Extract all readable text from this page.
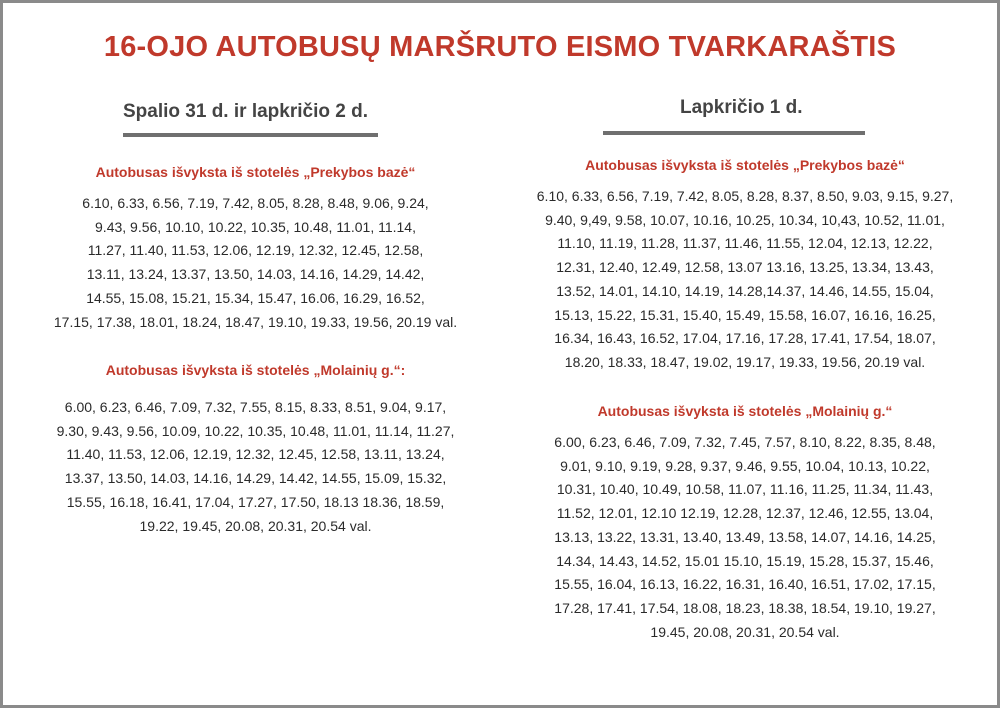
16-OJO AUTOBUSŲ MARŠRUTO EISMO TVARKARAŠTIS
Spalio 31 d. ir lapkričio 2 d.
Autobusas išvyksta iš stotelės „Prekybos bazė“
6.10, 6.33, 6.56, 7.19, 7.42, 8.05, 8.28, 8.48, 9.06, 9.24,
9.43, 9.56, 10.10, 10.22, 10.35, 10.48, 11.01, 11.14,
11.27, 11.40, 11.53, 12.06, 12.19, 12.32, 12.45, 12.58,
13.11, 13.24, 13.37, 13.50, 14.03, 14.16, 14.29, 14.42,
14.55, 15.08, 15.21, 15.34, 15.47, 16.06, 16.29, 16.52,
17.15, 17.38, 18.01, 18.24, 18.47, 19.10, 19.33, 19.56, 20.19 val.
Autobusas išvyksta iš stotelės „Molainių g.“:
6.00, 6.23, 6.46, 7.09, 7.32, 7.55, 8.15, 8.33, 8.51, 9.04, 9.17,
9.30, 9.43, 9.56, 10.09, 10.22, 10.35, 10.48, 11.01, 11.14, 11.27,
11.40, 11.53, 12.06, 12.19, 12.32, 12.45, 12.58, 13.11, 13.24,
13.37, 13.50, 14.03, 14.16, 14.29, 14.42, 14.55, 15.09, 15.32,
15.55, 16.18, 16.41, 17.04, 17.27, 17.50, 18.13 18.36, 18.59,
19.22, 19.45, 20.08, 20.31, 20.54 val.
Lapkričio 1 d.
Autobusas išvyksta iš stotelės „Prekybos bazė“
6.10, 6.33, 6.56, 7.19, 7.42, 8.05, 8.28, 8.37, 8.50, 9.03, 9.15, 9.27,
9.40, 9,49, 9.58, 10.07, 10.16, 10.25, 10.34, 10,43, 10.52, 11.01,
11.10, 11.19, 11.28, 11.37, 11.46, 11.55, 12.04, 12.13, 12.22,
12.31, 12.40, 12.49, 12.58, 13.07 13.16, 13.25, 13.34, 13.43,
13.52, 14.01, 14.10, 14.19, 14.28,14.37, 14.46, 14.55, 15.04,
15.13, 15.22, 15.31, 15.40, 15.49, 15.58, 16.07, 16.16, 16.25,
16.34, 16.43, 16.52, 17.04, 17.16, 17.28, 17.41, 17.54, 18.07,
18.20, 18.33, 18.47, 19.02, 19.17, 19.33, 19.56, 20.19 val.
Autobusas išvyksta iš stotelės „Molainių g.“
6.00, 6.23, 6.46, 7.09, 7.32, 7.45, 7.57, 8.10, 8.22, 8.35, 8.48,
9.01, 9.10, 9.19, 9.28, 9.37, 9.46, 9.55, 10.04, 10.13, 10.22,
10.31, 10.40, 10.49, 10.58, 11.07, 11.16, 11.25, 11.34, 11.43,
11.52, 12.01, 12.10 12.19, 12.28, 12.37, 12.46, 12.55, 13.04,
13.13, 13.22, 13.31, 13.40, 13.49, 13.58, 14.07, 14.16, 14.25,
14.34, 14.43, 14.52, 15.01 15.10, 15.19, 15.28, 15.37, 15.46,
15.55, 16.04, 16.13, 16.22, 16.31, 16.40, 16.51, 17.02, 17.15,
17.28, 17.41, 17.54, 18.08, 18.23, 18.38, 18.54, 19.10, 19.27,
19.45, 20.08, 20.31, 20.54 val.
